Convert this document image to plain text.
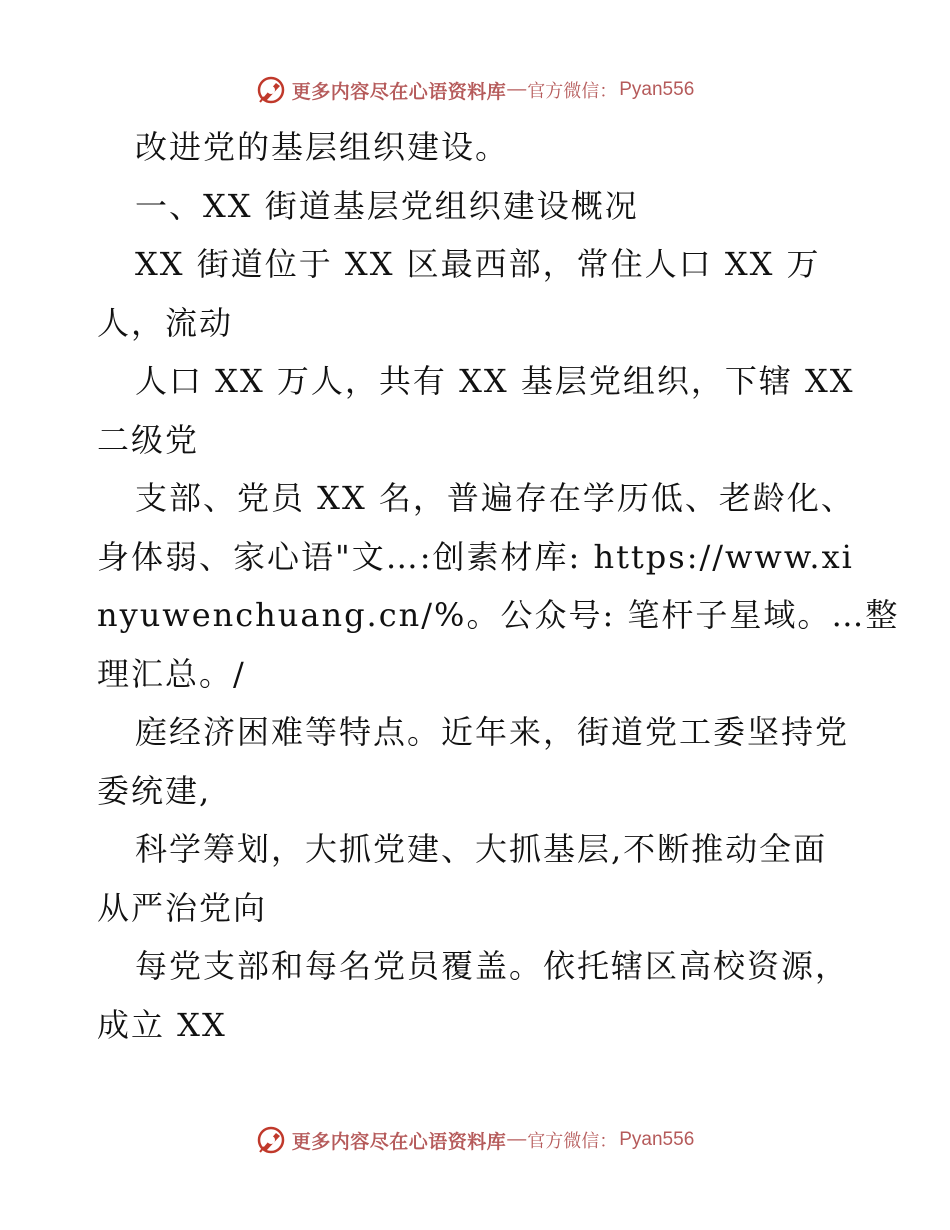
更多内容尽在心语资料库 — 官方微信： Pyan556
改进党的基层组织建设。
一、XX 街道基层党组织建设概况
XX 街道位于 XX 区最西部，常住人口 XX 万
人，流动
人口 XX 万人，共有 XX 基层党组织，下辖 XX
二级党
支部、党员 XX 名，普遍存在学历低、老龄化、
身体弱、家心语"文…:创素材库: https://www.xi
nyuwenchuang.cn/%。公众号: 笔杆子星域。…整
理汇总。/
庭经济困难等特点。近年来，街道党工委坚持党
委统建,
科学筹划，大抓党建、大抓基层,不断推动全面
从严治党向
每党支部和每名党员覆盖。依托辖区高校资源，
成立 XX
更多内容尽在心语资料库 — 官方微信： Pyan556
